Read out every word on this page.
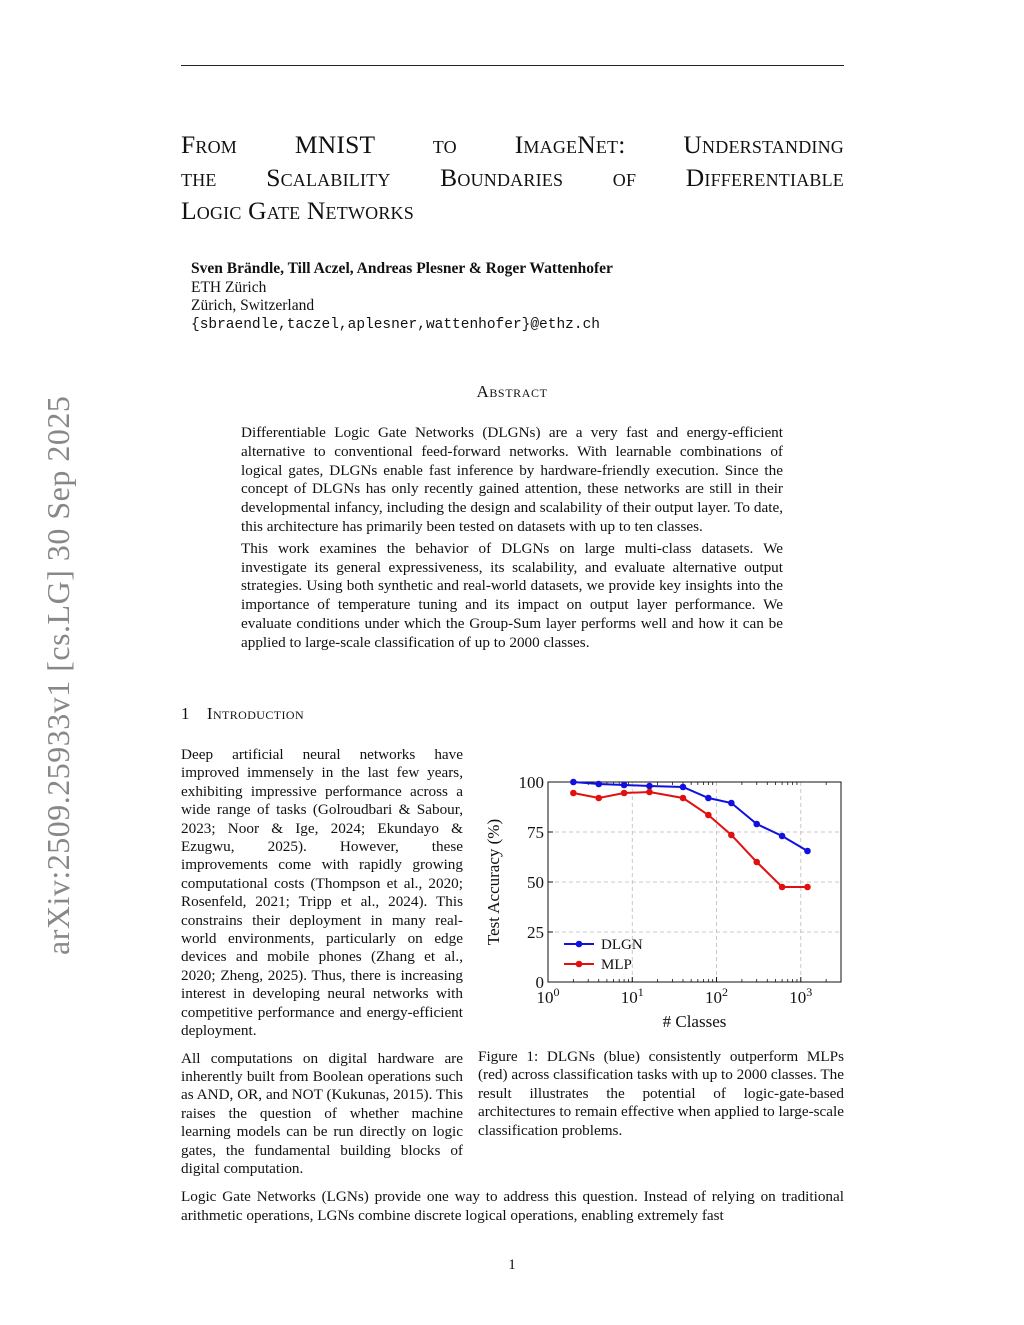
From MNIST to ImageNet: Understanding
the Scalability Boundaries of Differentiable
Logic Gate Networks
Sven Brändle, Till Aczel, Andreas Plesner & Roger Wattenhofer
ETH Zürich
Zürich, Switzerland
{sbraendle,taczel,aplesner,wattenhofer}@ethz.ch
Abstract

Differentiable Logic Gate Networks (DLGNs) are a very fast and energy-efficient alternative to conventional feed-forward networks. With learnable combinations of logical gates, DLGNs enable fast inference by hardware-friendly execution. Since the concept of DLGNs has only recently gained attention, these networks are still in their developmental infancy, including the design and scalability of their output layer. To date, this architecture has primarily been tested on datasets with up to ten classes.

This work examines the behavior of DLGNs on large multi-class datasets. We investigate its general expressiveness, its scalability, and evaluate alternative output strategies. Using both synthetic and real-world datasets, we provide key insights into the importance of temperature tuning and its impact on output layer performance. We evaluate conditions under which the Group-Sum layer performs well and how it can be applied to large-scale classification of up to 2000 classes.

1 Introduction

Deep artificial neural networks have improved immensely in the last few years, exhibiting impressive performance across a wide range of tasks (Golroudbari & Sabour, 2023; Noor & Ige, 2024; Ekundayo & Ezugwu, 2025). However, these improvements come with rapidly growing computational costs (Thompson et al., 2020; Rosenfeld, 2021; Tripp et al., 2024). This constrains their deployment in many real-world environments, particularly on edge devices and mobile phones (Zhang et al., 2020; Zheng, 2025). Thus, there is increasing interest in developing neural networks with competitive performance and energy-efficient deployment.

All computations on digital hardware are inherently built from Boolean operations such as AND, OR, and NOT (Kukunas, 2015). This raises the question of whether machine learning models can be run directly on logic gates, the fundamental building blocks of digital computation.

0
25
50
75
100
$10^0$	$10^1$	$10^2$	$10^3$
DLGN
MLP
Test Accuracy (%)
# Classes
Figure 1: DLGNs (blue) consistently outperform MLPs (red) across classification tasks with up to 2000 classes. The result illustrates the potential of logic-gate-based architectures to remain effective when applied to large-scale classification problems.

Logic Gate Networks (LGNs) provide one way to address this question. Instead of relying on traditional arithmetic operations, LGNs combine discrete logical operations, enabling extremely fast

1
arXiv:2509.25933v1 [cs.LG] 30 Sep 2025
